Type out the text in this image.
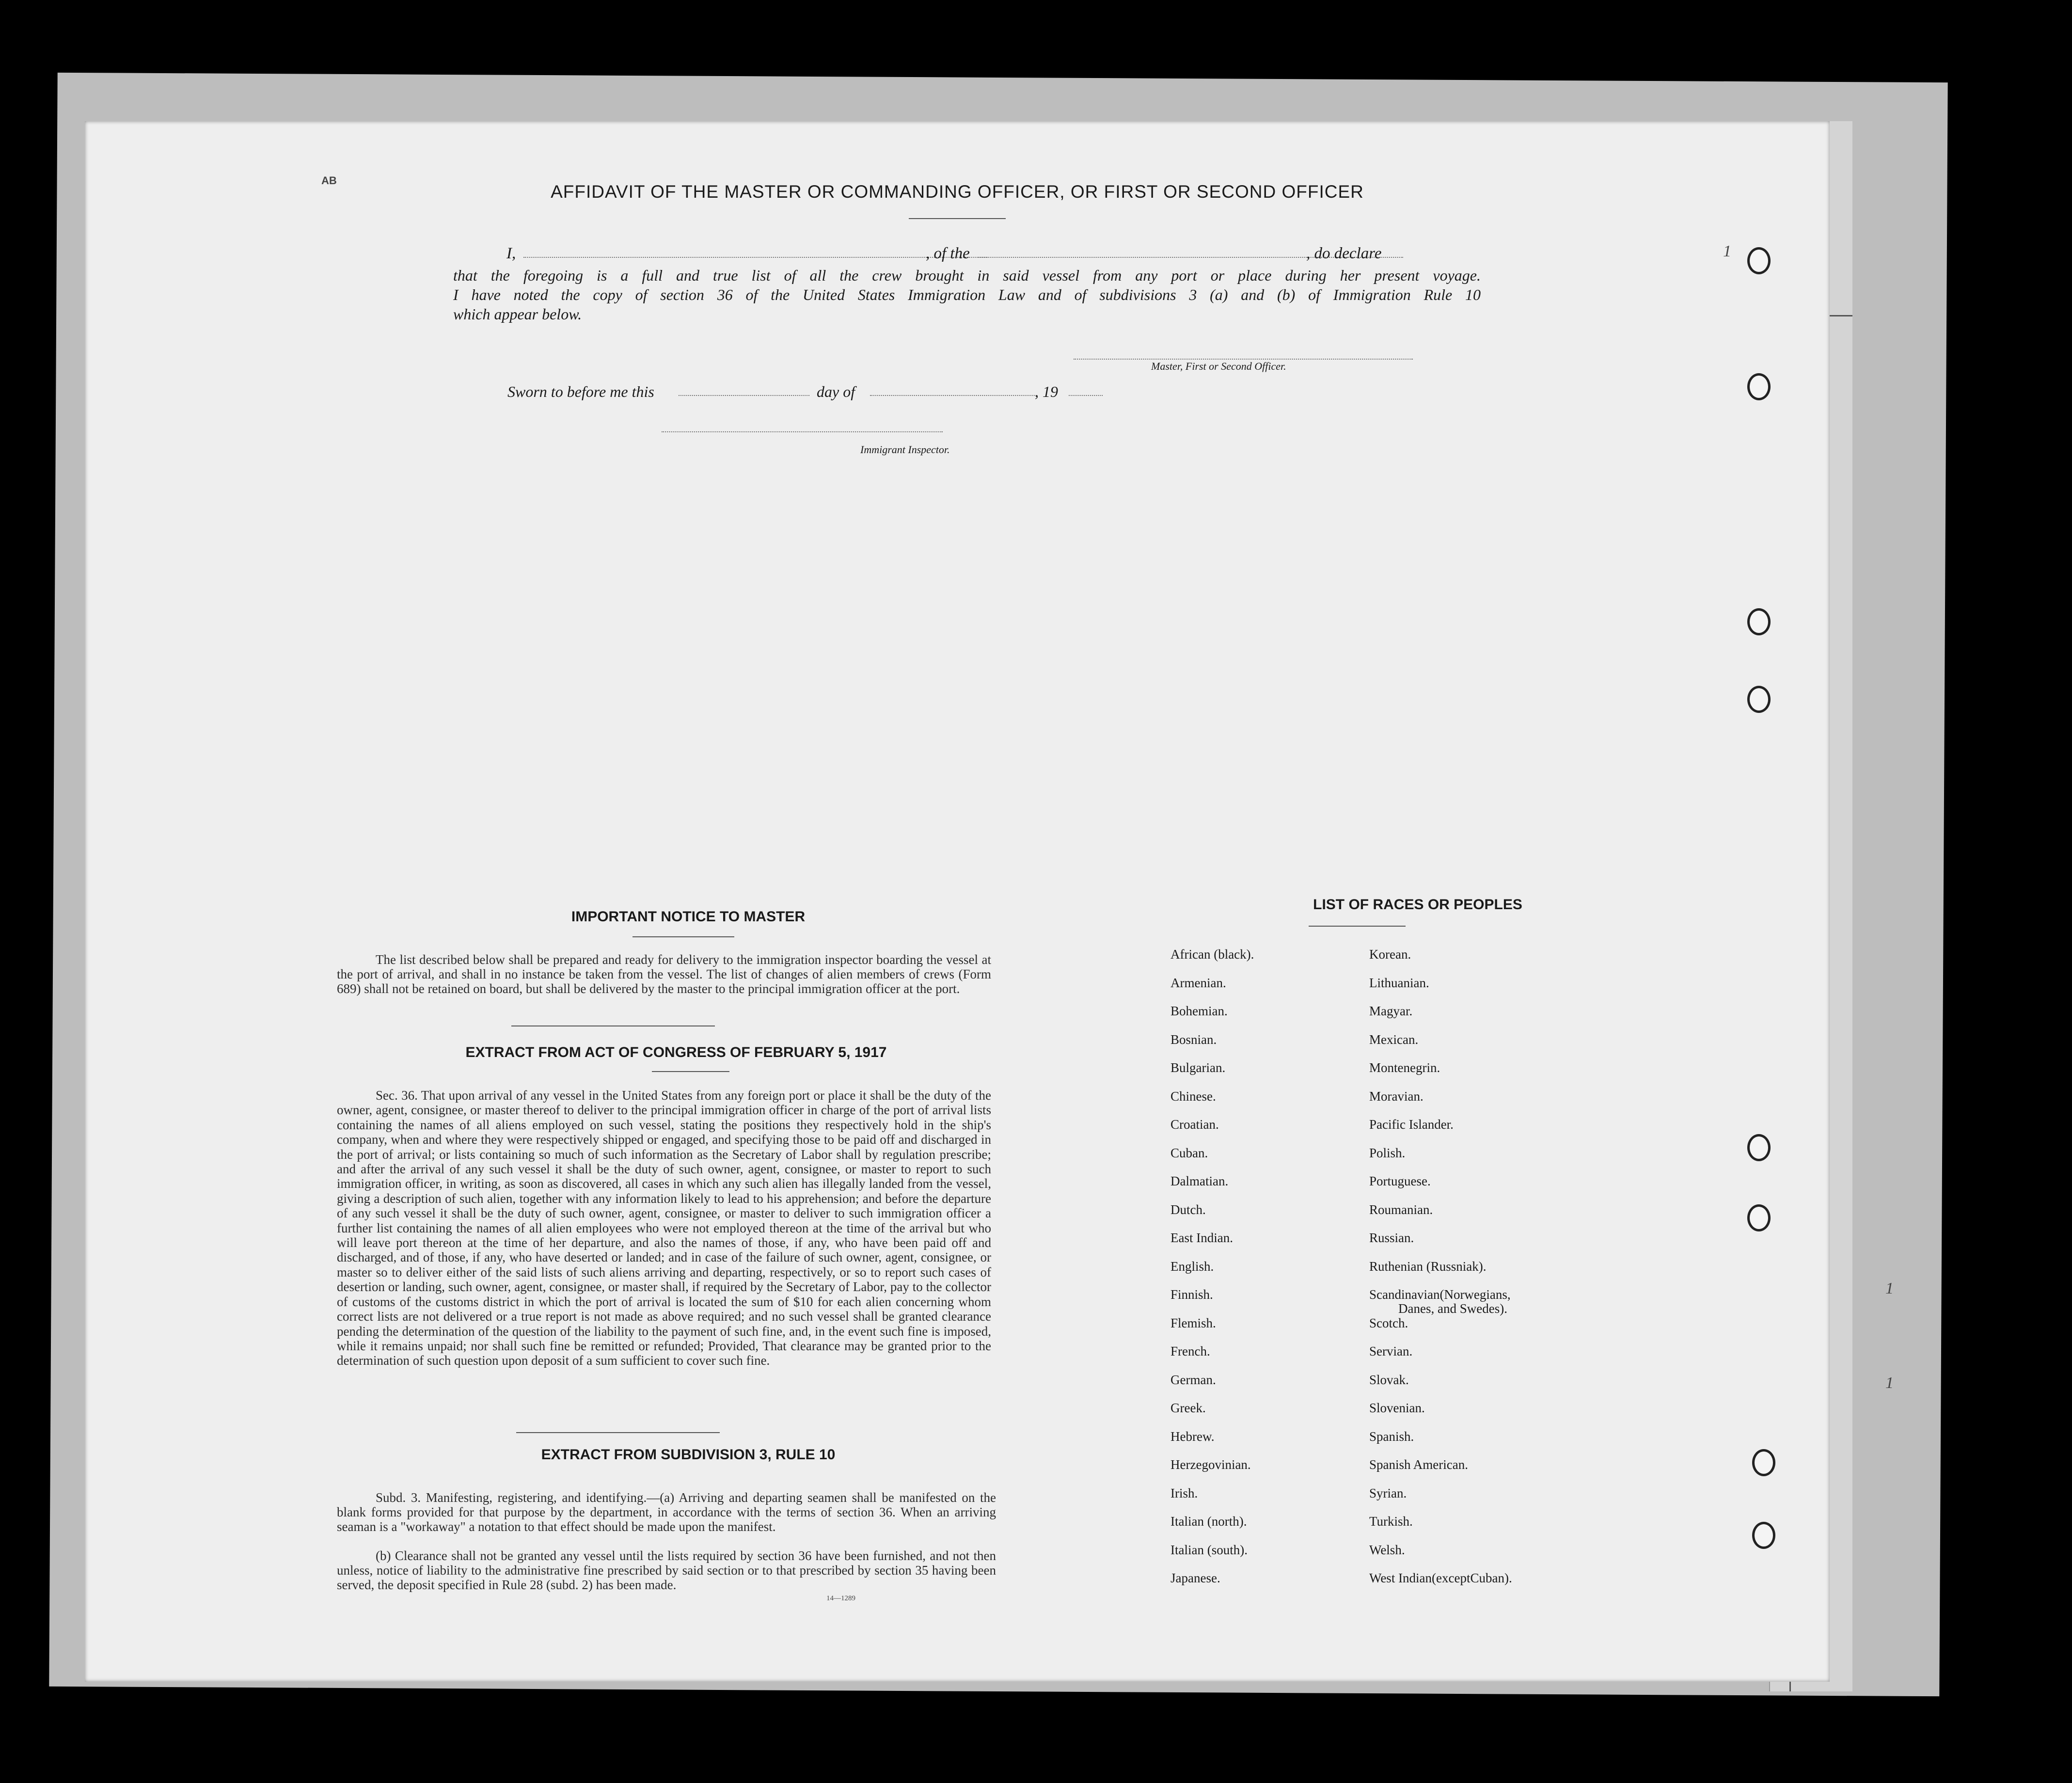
AB
AFFIDAVIT OF THE MASTER OR COMMANDING OFFICER, OR FIRST OR SECOND OFFICER
I,	, of the	, do declare
that the foregoing is a full and true list of all the crew brought in said vessel from any port or place during her present voyage.
I have noted the copy of section 36 of the United States Immigration Law and of subdivisions 3 (a) and (b) of Immigration Rule 10
which appear below.
Master, First or Second Officer.
Sworn to before me this	day of	, 19
Immigrant Inspector.
IMPORTANT NOTICE TO MASTER
The list described below shall be prepared and ready for delivery to the immigration inspector boarding the vessel at the port of arrival, and shall in no instance be taken from the vessel. The list of changes of alien members of crews (Form 689) shall not be retained on board, but shall be delivered by the master to the principal immigration officer at the port.
EXTRACT FROM ACT OF CONGRESS OF FEBRUARY 5, 1917
Sec. 36. That upon arrival of any vessel in the United States from any foreign port or place it shall be the duty of the owner, agent, consignee, or master thereof to deliver to the principal immigration officer in charge of the port of arrival lists containing the names of all aliens employed on such vessel, stating the positions they respectively hold in the ship's company, when and where they were respectively shipped or engaged, and specifying those to be paid off and discharged in the port of arrival; or lists containing so much of such information as the Secretary of Labor shall by regulation prescribe; and after the arrival of any such vessel it shall be the duty of such owner, agent, consignee, or master to report to such immigration officer, in writing, as soon as discovered, all cases in which any such alien has illegally landed from the vessel, giving a description of such alien, together with any information likely to lead to his apprehension; and before the departure of any such vessel it shall be the duty of such owner, agent, consignee, or master to deliver to such immigration officer a further list containing the names of all alien employees who were not employed thereon at the time of the arrival but who will leave port thereon at the time of her departure, and also the names of those, if any, who have been paid off and discharged, and of those, if any, who have deserted or landed; and in case of the failure of such owner, agent, consignee, or master so to deliver either of the said lists of such aliens arriving and departing, respectively, or so to report such cases of desertion or landing, such owner, agent, consignee, or master shall, if required by the Secretary of Labor, pay to the collector of customs of the customs district in which the port of arrival is located the sum of $10 for each alien concerning whom correct lists are not delivered or a true report is not made as above required; and no such vessel shall be granted clearance pending the determination of the question of the liability to the payment of such fine, and, in the event such fine is imposed, while it remains unpaid; nor shall such fine be remitted or refunded; Provided, That clearance may be granted prior to the determination of such question upon deposit of a sum sufficient to cover such fine.
EXTRACT FROM SUBDIVISION 3, RULE 10
Subd. 3. Manifesting, registering, and identifying.—(a) Arriving and departing seamen shall be manifested on the blank forms provided for that purpose by the department, in accordance with the terms of section 36. When an arriving seaman is a "workaway" a notation to that effect should be made upon the manifest.
(b) Clearance shall not be granted any vessel until the lists required by section 36 have been furnished, and not then unless, notice of liability to the administrative fine prescribed by said section or to that prescribed by section 35 having been served, the deposit specified in Rule 28 (subd. 2) has been made.
14—1289
LIST OF RACES OR PEOPLES
African (black).
Armenian.
Bohemian.
Bosnian.
Bulgarian.
Chinese.
Croatian.
Cuban.
Dalmatian.
Dutch.
East Indian.
English.
Finnish.
Flemish.
French.
German.
Greek.
Hebrew.
Herzegovinian.
Irish.
Italian (north).
Italian (south).
Japanese.
Korean.
Lithuanian.
Magyar.
Mexican.
Montenegrin.
Moravian.
Pacific Islander.
Polish.
Portuguese.
Roumanian.
Russian.
Ruthenian (Russniak).
Scandinavian(Norwegians,
Scotch.
Servian.
Slovak.
Slovenian.
Spanish.
Spanish American.
Syrian.
Turkish.
Welsh.
West Indian(exceptCuban).
Danes, and Swedes).
1
1
1
